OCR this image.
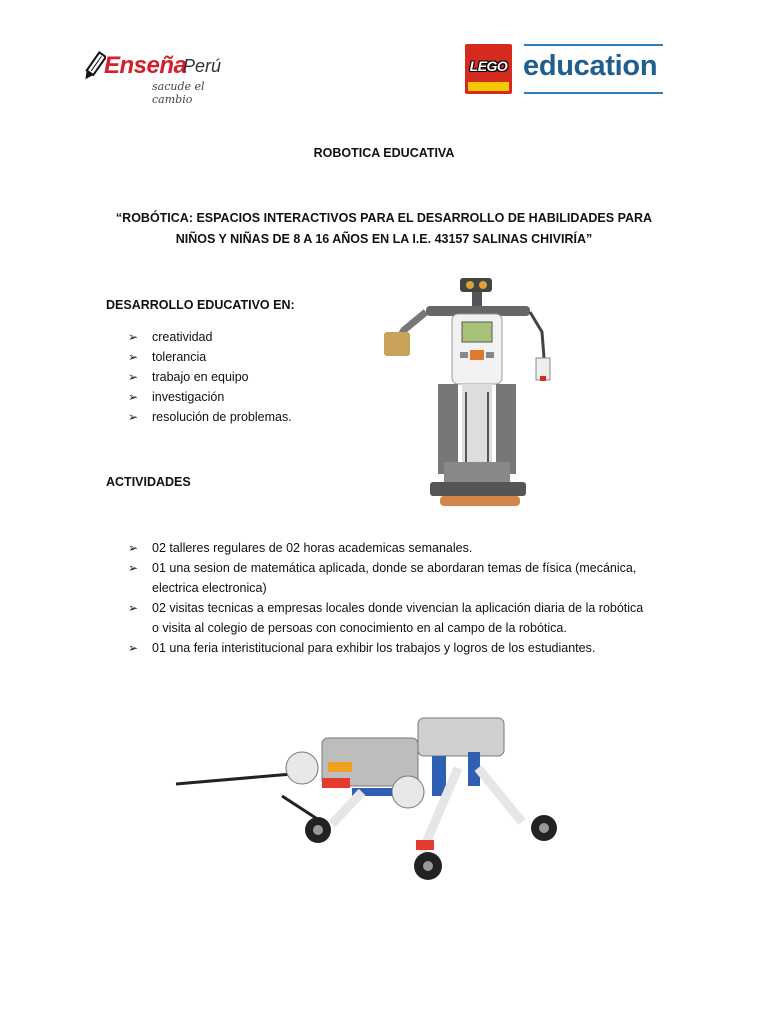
Enseña
Perú
sacude el cambio
LEGO education
ROBOTICA EDUCATIVA
“ROBÓTICA: ESPACIOS INTERACTIVOS PARA EL DESARROLLO DE HABILIDADES PARA NIÑOS Y NIÑAS DE 8 A 16 AÑOS EN LA I.E. 43157 SALINAS CHIVIRÍA”
DESARROLLO EDUCATIVO EN:
➢ creatividad
➢ tolerancia
➢ trabajo en equipo
➢ investigación
➢ resolución de problemas.
ACTIVIDADES
➢ 02 talleres regulares de 02 horas academicas semanales.
➢ 01 una sesion de matemática aplicada, donde se abordaran temas de física (mecánica, electrica electronica)
➢ 02 visitas tecnicas a empresas locales donde vivencian la aplicación diaria de la robótica o visita al colegio de persoas con conocimiento en al campo de la robótica.
➢ 01 una feria interistitucional para exhibir los trabajos y logros de los estudiantes.
